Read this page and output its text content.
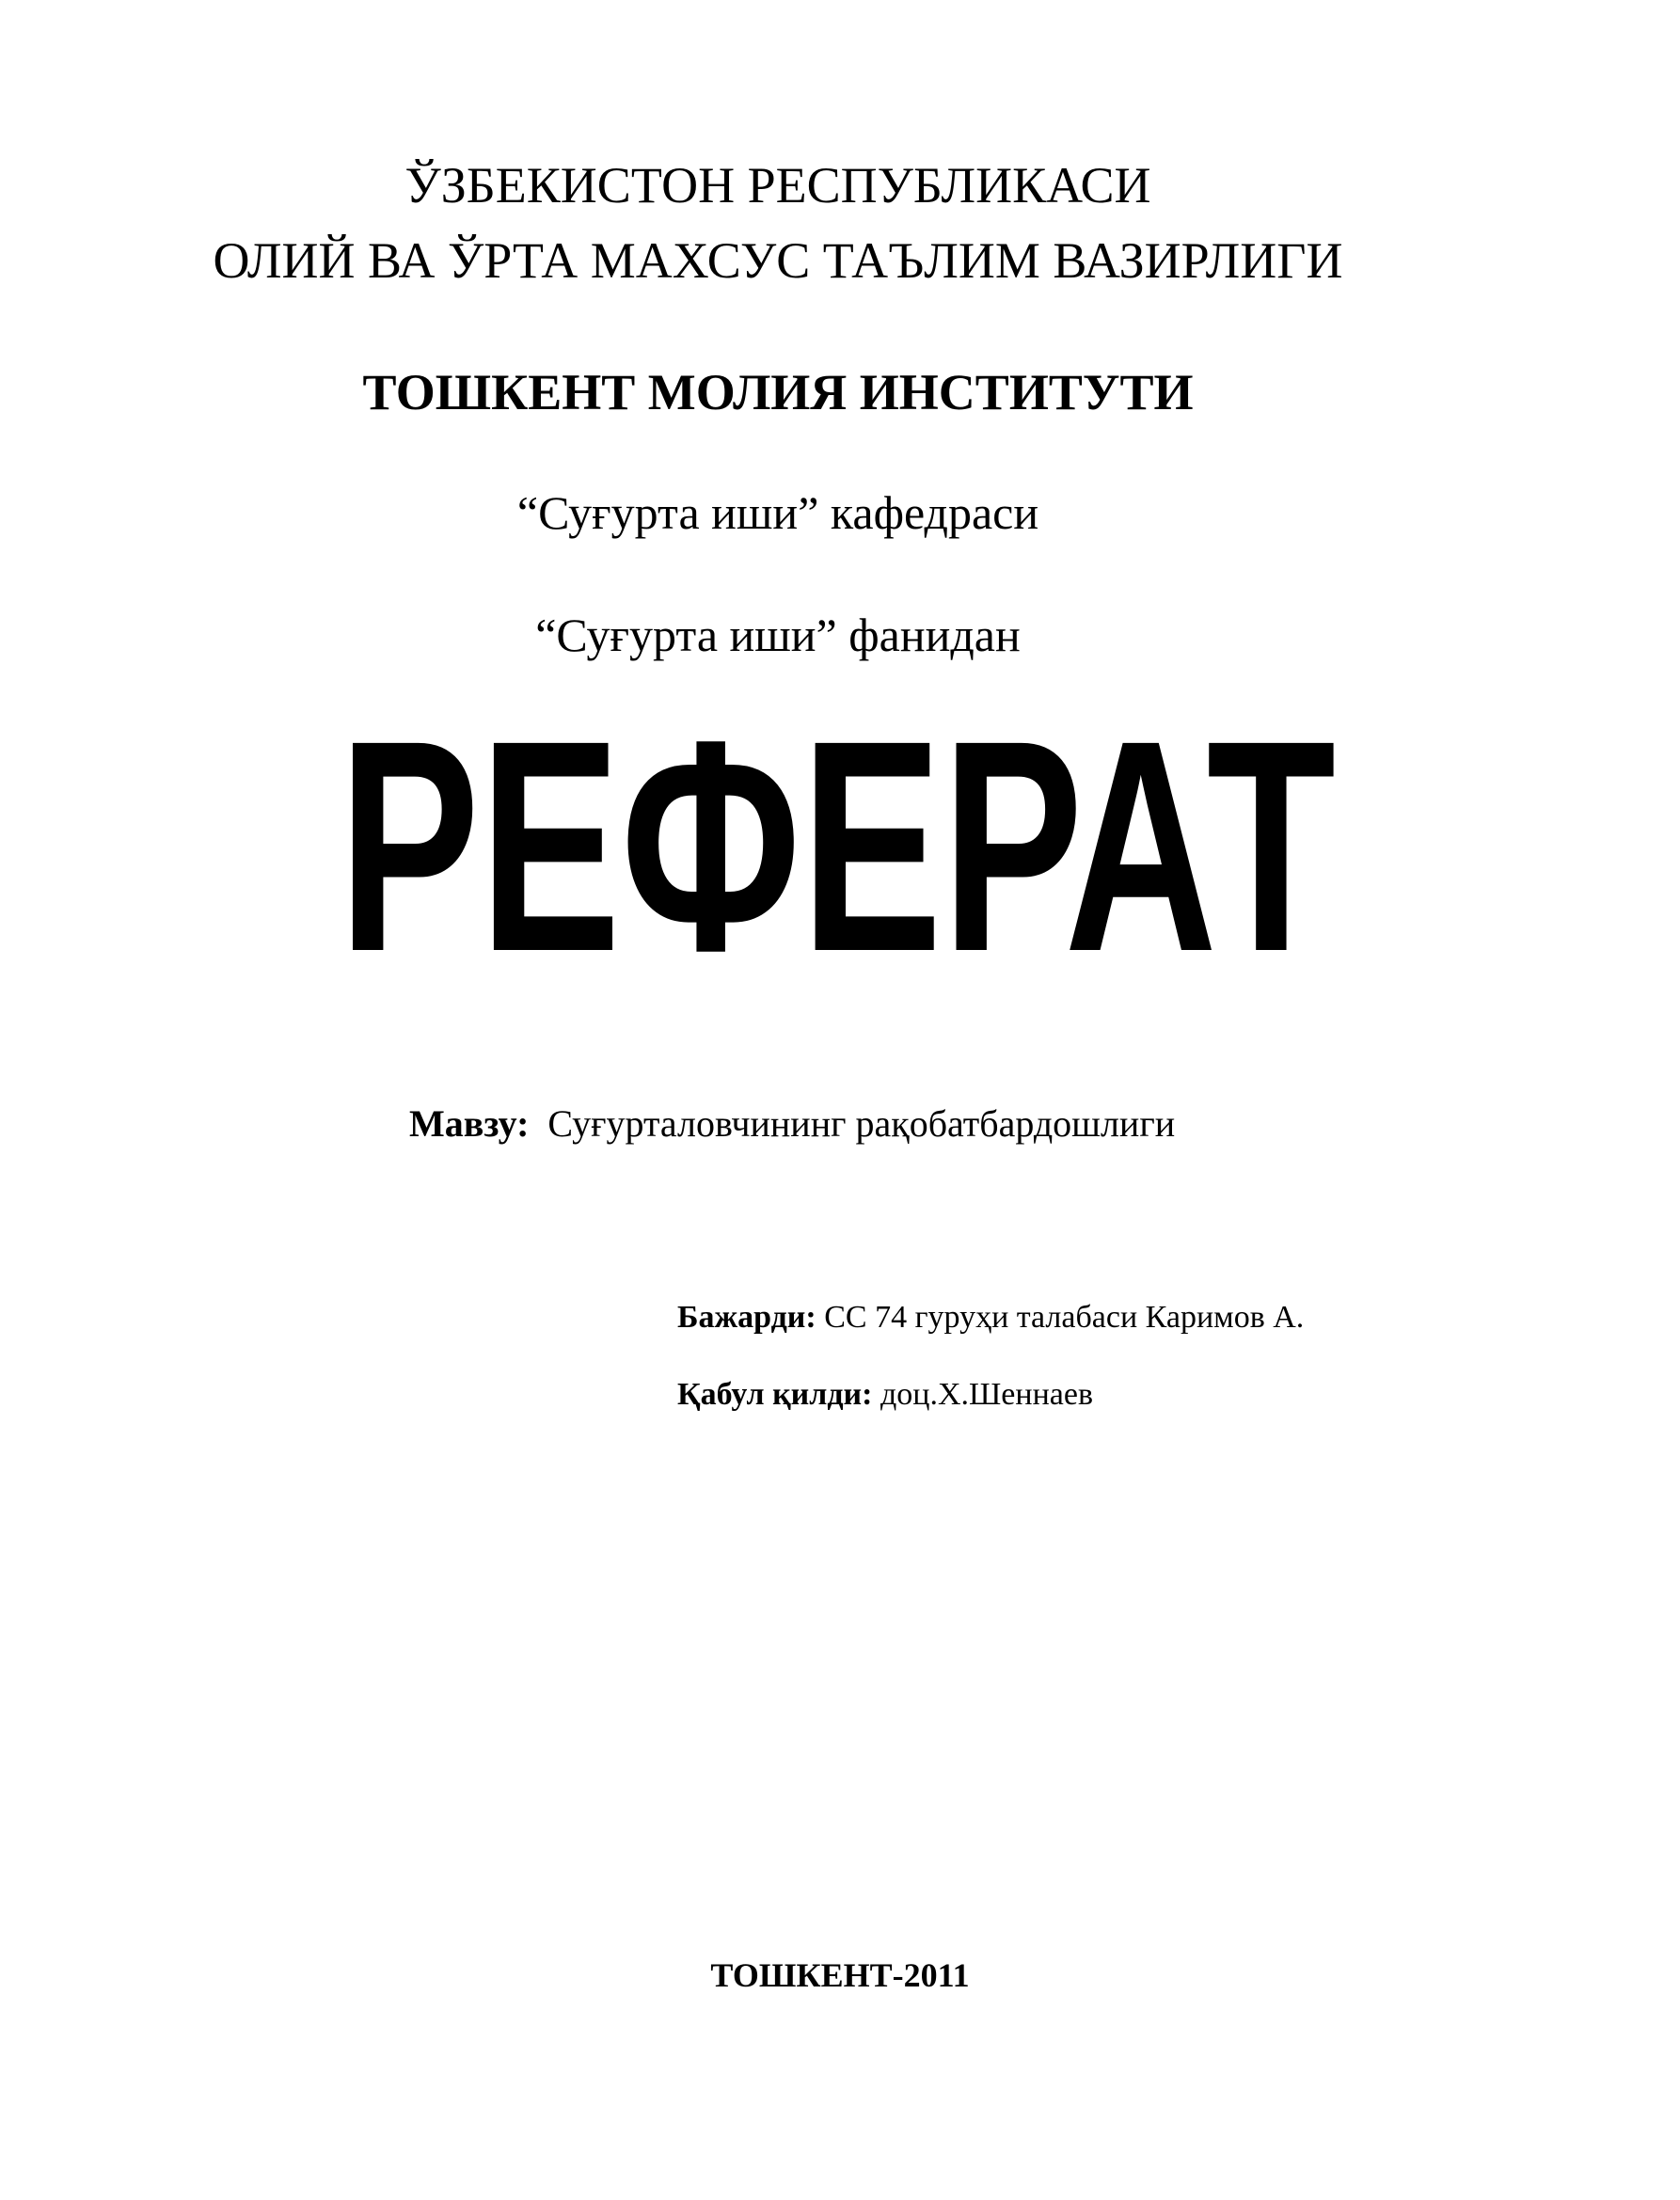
ЎЗБЕКИСТОН РЕСПУБЛИКАСИ
ОЛИЙ ВА ЎРТА МАХСУС ТАЪЛИМ ВАЗИРЛИГИ
ТОШКЕНТ МОЛИЯ ИНСТИТУТИ
“Суғурта иши” кафедраси
“Суғурта иши” фанидан
РЕФЕРАТ
Мавзу: Суғурталовчининг рақобатбардошлиги
Бажарди: СС 74 гуруҳи талабаси Каримов А.
Қабул қилди: доц.Х.Шеннаев
ТОШКЕНТ-2011
